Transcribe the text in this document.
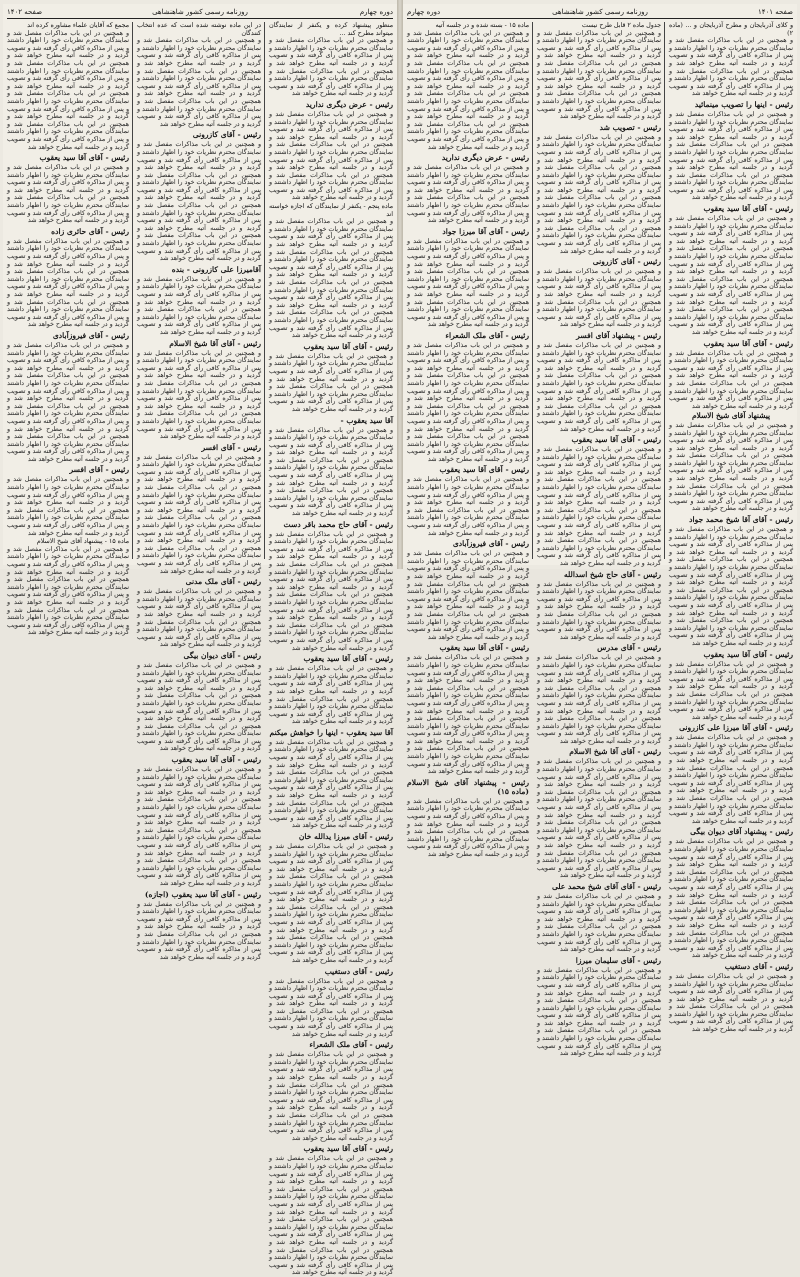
دوره چهارم
روزنامه رسمی کشور شاهنشاهی
صفحه ۱۴۰۲
منظور پیشنهاد کرده و یکنفر از نمایندگان میتواند مطرح کند ...

و همچنین در این باب مذاکرات مفصل شد و نمایندگان محترم نظریات خود را اظهار داشتند و پس از مذاکره کافی رأی گرفته شد و تصویب گردید و در جلسه آتیه مطرح خواهد شد و همچنین در این باب مذاکرات مفصل شد و نمایندگان محترم نظریات خود را اظهار داشتند و پس از مذاکره کافی رأی گرفته شد و تصویب گردید و در جلسه آتیه مطرح خواهد شد

رئیس - عرض دیگری ندارید

و همچنین در این باب مذاکرات مفصل شد و نمایندگان محترم نظریات خود را اظهار داشتند و پس از مذاکره کافی رأی گرفته شد و تصویب گردید و در جلسه آتیه مطرح خواهد شد و همچنین در این باب مذاکرات مفصل شد و نمایندگان محترم نظریات خود را اظهار داشتند و پس از مذاکره کافی رأی گرفته شد و تصویب گردید و در جلسه آتیه مطرح خواهد شد و همچنین در این باب مذاکرات مفصل شد و نمایندگان محترم نظریات خود را اظهار داشتند و پس از مذاکره کافی رأی گرفته شد و تصویب گردید و در جلسه آتیه مطرح خواهد شد

ماده پنجم - یکنفر از نمایندگان که اجازه خواسته اند

و همچنین در این باب مذاکرات مفصل شد و نمایندگان محترم نظریات خود را اظهار داشتند و پس از مذاکره کافی رأی گرفته شد و تصویب گردید و در جلسه آتیه مطرح خواهد شد و همچنین در این باب مذاکرات مفصل شد و نمایندگان محترم نظریات خود را اظهار داشتند و پس از مذاکره کافی رأی گرفته شد و تصویب گردید و در جلسه آتیه مطرح خواهد شد و همچنین در این باب مذاکرات مفصل شد و نمایندگان محترم نظریات خود را اظهار داشتند و پس از مذاکره کافی رأی گرفته شد و تصویب گردید و در جلسه آتیه مطرح خواهد شد و همچنین در این باب مذاکرات مفصل شد و نمایندگان محترم نظریات خود را اظهار داشتند و پس از مذاکره کافی رأی گرفته شد و تصویب گردید و در جلسه آتیه مطرح خواهد شد

رئیس - آقای آقا سید یعقوب

و همچنین در این باب مذاکرات مفصل شد و نمایندگان محترم نظریات خود را اظهار داشتند و پس از مذاکره کافی رأی گرفته شد و تصویب گردید و در جلسه آتیه مطرح خواهد شد و همچنین در این باب مذاکرات مفصل شد و نمایندگان محترم نظریات خود را اظهار داشتند و پس از مذاکره کافی رأی گرفته شد و تصویب گردید و در جلسه آتیه مطرح خواهد شد

آقا سید یعقوب -

و همچنین در این باب مذاکرات مفصل شد و نمایندگان محترم نظریات خود را اظهار داشتند و پس از مذاکره کافی رأی گرفته شد و تصویب گردید و در جلسه آتیه مطرح خواهد شد و همچنین در این باب مذاکرات مفصل شد و نمایندگان محترم نظریات خود را اظهار داشتند و پس از مذاکره کافی رأی گرفته شد و تصویب گردید و در جلسه آتیه مطرح خواهد شد و همچنین در این باب مذاکرات مفصل شد و نمایندگان محترم نظریات خود را اظهار داشتند و پس از مذاکره کافی رأی گرفته شد و تصویب گردید و در جلسه آتیه مطرح خواهد شد

رئیس - آقای حاج محمد باقر دست

و همچنین در این باب مذاکرات مفصل شد و نمایندگان محترم نظریات خود را اظهار داشتند و پس از مذاکره کافی رأی گرفته شد و تصویب گردید و در جلسه آتیه مطرح خواهد شد و همچنین در این باب مذاکرات مفصل شد و نمایندگان محترم نظریات خود را اظهار داشتند و پس از مذاکره کافی رأی گرفته شد و تصویب گردید و در جلسه آتیه مطرح خواهد شد و همچنین در این باب مذاکرات مفصل شد و نمایندگان محترم نظریات خود را اظهار داشتند و پس از مذاکره کافی رأی گرفته شد و تصویب گردید و در جلسه آتیه مطرح خواهد شد و همچنین در این باب مذاکرات مفصل شد و نمایندگان محترم نظریات خود را اظهار داشتند و پس از مذاکره کافی رأی گرفته شد و تصویب گردید و در جلسه آتیه مطرح خواهد شد

رئیس - آقای آقا سید یعقوب

و همچنین در این باب مذاکرات مفصل شد و نمایندگان محترم نظریات خود را اظهار داشتند و پس از مذاکره کافی رأی گرفته شد و تصویب گردید و در جلسه آتیه مطرح خواهد شد و همچنین در این باب مذاکرات مفصل شد و نمایندگان محترم نظریات خود را اظهار داشتند و پس از مذاکره کافی رأی گرفته شد و تصویب گردید و در جلسه آتیه مطرح خواهد شد

آقا سید یعقوب - اینها را خواهش میکنم

و همچنین در این باب مذاکرات مفصل شد و نمایندگان محترم نظریات خود را اظهار داشتند و پس از مذاکره کافی رأی گرفته شد و تصویب گردید و در جلسه آتیه مطرح خواهد شد و همچنین در این باب مذاکرات مفصل شد و نمایندگان محترم نظریات خود را اظهار داشتند و پس از مذاکره کافی رأی گرفته شد و تصویب گردید و در جلسه آتیه مطرح خواهد شد و همچنین در این باب مذاکرات مفصل شد و نمایندگان محترم نظریات خود را اظهار داشتند و پس از مذاکره کافی رأی گرفته شد و تصویب گردید و در جلسه آتیه مطرح خواهد شد

رئیس - آقای میرزا یدالله خان

و همچنین در این باب مذاکرات مفصل شد و نمایندگان محترم نظریات خود را اظهار داشتند و پس از مذاکره کافی رأی گرفته شد و تصویب گردید و در جلسه آتیه مطرح خواهد شد و همچنین در این باب مذاکرات مفصل شد و نمایندگان محترم نظریات خود را اظهار داشتند و پس از مذاکره کافی رأی گرفته شد و تصویب گردید و در جلسه آتیه مطرح خواهد شد و همچنین در این باب مذاکرات مفصل شد و نمایندگان محترم نظریات خود را اظهار داشتند و پس از مذاکره کافی رأی گرفته شد و تصویب گردید و در جلسه آتیه مطرح خواهد شد و همچنین در این باب مذاکرات مفصل شد و نمایندگان محترم نظریات خود را اظهار داشتند و پس از مذاکره کافی رأی گرفته شد و تصویب گردید و در جلسه آتیه مطرح خواهد شد

رئیس - آقای دستغیب

و همچنین در این باب مذاکرات مفصل شد و نمایندگان محترم نظریات خود را اظهار داشتند و پس از مذاکره کافی رأی گرفته شد و تصویب گردید و در جلسه آتیه مطرح خواهد شد و همچنین در این باب مذاکرات مفصل شد و نمایندگان محترم نظریات خود را اظهار داشتند و پس از مذاکره کافی رأی گرفته شد و تصویب گردید و در جلسه آتیه مطرح خواهد شد

رئیس - آقای ملک الشعراء

و همچنین در این باب مذاکرات مفصل شد و نمایندگان محترم نظریات خود را اظهار داشتند و پس از مذاکره کافی رأی گرفته شد و تصویب گردید و در جلسه آتیه مطرح خواهد شد و همچنین در این باب مذاکرات مفصل شد و نمایندگان محترم نظریات خود را اظهار داشتند و پس از مذاکره کافی رأی گرفته شد و تصویب گردید و در جلسه آتیه مطرح خواهد شد و همچنین در این باب مذاکرات مفصل شد و نمایندگان محترم نظریات خود را اظهار داشتند و پس از مذاکره کافی رأی گرفته شد و تصویب گردید و در جلسه آتیه مطرح خواهد شد

رئیس - آقای آقا سید یعقوب

و همچنین در این باب مذاکرات مفصل شد و نمایندگان محترم نظریات خود را اظهار داشتند و پس از مذاکره کافی رأی گرفته شد و تصویب گردید و در جلسه آتیه مطرح خواهد شد و همچنین در این باب مذاکرات مفصل شد و نمایندگان محترم نظریات خود را اظهار داشتند و پس از مذاکره کافی رأی گرفته شد و تصویب گردید و در جلسه آتیه مطرح خواهد شد و همچنین در این باب مذاکرات مفصل شد و نمایندگان محترم نظریات خود را اظهار داشتند و پس از مذاکره کافی رأی گرفته شد و تصویب گردید و در جلسه آتیه مطرح خواهد شد و همچنین در این باب مذاکرات مفصل شد و نمایندگان محترم نظریات خود را اظهار داشتند و پس از مذاکره کافی رأی گرفته شد و تصویب گردید و در جلسه آتیه مطرح خواهد شد

در این ماده نوشته شده است که عده انتخاب کنندگان

و همچنین در این باب مذاکرات مفصل شد و نمایندگان محترم نظریات خود را اظهار داشتند و پس از مذاکره کافی رأی گرفته شد و تصویب گردید و در جلسه آتیه مطرح خواهد شد و همچنین در این باب مذاکرات مفصل شد و نمایندگان محترم نظریات خود را اظهار داشتند و پس از مذاکره کافی رأی گرفته شد و تصویب گردید و در جلسه آتیه مطرح خواهد شد و همچنین در این باب مذاکرات مفصل شد و نمایندگان محترم نظریات خود را اظهار داشتند و پس از مذاکره کافی رأی گرفته شد و تصویب گردید و در جلسه آتیه مطرح خواهد شد

رئیس - آقای کازرونی

و همچنین در این باب مذاکرات مفصل شد و نمایندگان محترم نظریات خود را اظهار داشتند و پس از مذاکره کافی رأی گرفته شد و تصویب گردید و در جلسه آتیه مطرح خواهد شد و همچنین در این باب مذاکرات مفصل شد و نمایندگان محترم نظریات خود را اظهار داشتند و پس از مذاکره کافی رأی گرفته شد و تصویب گردید و در جلسه آتیه مطرح خواهد شد و همچنین در این باب مذاکرات مفصل شد و نمایندگان محترم نظریات خود را اظهار داشتند و پس از مذاکره کافی رأی گرفته شد و تصویب گردید و در جلسه آتیه مطرح خواهد شد و همچنین در این باب مذاکرات مفصل شد و نمایندگان محترم نظریات خود را اظهار داشتند و پس از مذاکره کافی رأی گرفته شد و تصویب گردید و در جلسه آتیه مطرح خواهد شد

آقامیرزا علی کازرونی - بنده

و همچنین در این باب مذاکرات مفصل شد و نمایندگان محترم نظریات خود را اظهار داشتند و پس از مذاکره کافی رأی گرفته شد و تصویب گردید و در جلسه آتیه مطرح خواهد شد و همچنین در این باب مذاکرات مفصل شد و نمایندگان محترم نظریات خود را اظهار داشتند و پس از مذاکره کافی رأی گرفته شد و تصویب گردید و در جلسه آتیه مطرح خواهد شد

رئیس - آقای آقا شیخ الاسلام

و همچنین در این باب مذاکرات مفصل شد و نمایندگان محترم نظریات خود را اظهار داشتند و پس از مذاکره کافی رأی گرفته شد و تصویب گردید و در جلسه آتیه مطرح خواهد شد و همچنین در این باب مذاکرات مفصل شد و نمایندگان محترم نظریات خود را اظهار داشتند و پس از مذاکره کافی رأی گرفته شد و تصویب گردید و در جلسه آتیه مطرح خواهد شد و همچنین در این باب مذاکرات مفصل شد و نمایندگان محترم نظریات خود را اظهار داشتند و پس از مذاکره کافی رأی گرفته شد و تصویب گردید و در جلسه آتیه مطرح خواهد شد

رئیس - آقای افسر

و همچنین در این باب مذاکرات مفصل شد و نمایندگان محترم نظریات خود را اظهار داشتند و پس از مذاکره کافی رأی گرفته شد و تصویب گردید و در جلسه آتیه مطرح خواهد شد و همچنین در این باب مذاکرات مفصل شد و نمایندگان محترم نظریات خود را اظهار داشتند و پس از مذاکره کافی رأی گرفته شد و تصویب گردید و در جلسه آتیه مطرح خواهد شد و همچنین در این باب مذاکرات مفصل شد و نمایندگان محترم نظریات خود را اظهار داشتند و پس از مذاکره کافی رأی گرفته شد و تصویب گردید و در جلسه آتیه مطرح خواهد شد و همچنین در این باب مذاکرات مفصل شد و نمایندگان محترم نظریات خود را اظهار داشتند و پس از مذاکره کافی رأی گرفته شد و تصویب گردید و در جلسه آتیه مطرح خواهد شد

رئیس - آقای ملک مدنی

و همچنین در این باب مذاکرات مفصل شد و نمایندگان محترم نظریات خود را اظهار داشتند و پس از مذاکره کافی رأی گرفته شد و تصویب گردید و در جلسه آتیه مطرح خواهد شد و همچنین در این باب مذاکرات مفصل شد و نمایندگان محترم نظریات خود را اظهار داشتند و پس از مذاکره کافی رأی گرفته شد و تصویب گردید و در جلسه آتیه مطرح خواهد شد

رئیس - آقای دیوان بیگی

و همچنین در این باب مذاکرات مفصل شد و نمایندگان محترم نظریات خود را اظهار داشتند و پس از مذاکره کافی رأی گرفته شد و تصویب گردید و در جلسه آتیه مطرح خواهد شد و همچنین در این باب مذاکرات مفصل شد و نمایندگان محترم نظریات خود را اظهار داشتند و پس از مذاکره کافی رأی گرفته شد و تصویب گردید و در جلسه آتیه مطرح خواهد شد و همچنین در این باب مذاکرات مفصل شد و نمایندگان محترم نظریات خود را اظهار داشتند و پس از مذاکره کافی رأی گرفته شد و تصویب گردید و در جلسه آتیه مطرح خواهد شد

رئیس - آقای آقا سید یعقوب

و همچنین در این باب مذاکرات مفصل شد و نمایندگان محترم نظریات خود را اظهار داشتند و پس از مذاکره کافی رأی گرفته شد و تصویب گردید و در جلسه آتیه مطرح خواهد شد و همچنین در این باب مذاکرات مفصل شد و نمایندگان محترم نظریات خود را اظهار داشتند و پس از مذاکره کافی رأی گرفته شد و تصویب گردید و در جلسه آتیه مطرح خواهد شد و همچنین در این باب مذاکرات مفصل شد و نمایندگان محترم نظریات خود را اظهار داشتند و پس از مذاکره کافی رأی گرفته شد و تصویب گردید و در جلسه آتیه مطرح خواهد شد و همچنین در این باب مذاکرات مفصل شد و نمایندگان محترم نظریات خود را اظهار داشتند و پس از مذاکره کافی رأی گرفته شد و تصویب گردید و در جلسه آتیه مطرح خواهد شد

رئیس - آقای آقا سید یعقوب (اجازه)

و همچنین در این باب مذاکرات مفصل شد و نمایندگان محترم نظریات خود را اظهار داشتند و پس از مذاکره کافی رأی گرفته شد و تصویب گردید و در جلسه آتیه مطرح خواهد شد و همچنین در این باب مذاکرات مفصل شد و نمایندگان محترم نظریات خود را اظهار داشتند و پس از مذاکره کافی رأی گرفته شد و تصویب گردید و در جلسه آتیه مطرح خواهد شد

مجمع که آقایان علماء مشاوره کرده اند

و همچنین در این باب مذاکرات مفصل شد و نمایندگان محترم نظریات خود را اظهار داشتند و پس از مذاکره کافی رأی گرفته شد و تصویب گردید و در جلسه آتیه مطرح خواهد شد و همچنین در این باب مذاکرات مفصل شد و نمایندگان محترم نظریات خود را اظهار داشتند و پس از مذاکره کافی رأی گرفته شد و تصویب گردید و در جلسه آتیه مطرح خواهد شد و همچنین در این باب مذاکرات مفصل شد و نمایندگان محترم نظریات خود را اظهار داشتند و پس از مذاکره کافی رأی گرفته شد و تصویب گردید و در جلسه آتیه مطرح خواهد شد و همچنین در این باب مذاکرات مفصل شد و نمایندگان محترم نظریات خود را اظهار داشتند و پس از مذاکره کافی رأی گرفته شد و تصویب گردید و در جلسه آتیه مطرح خواهد شد

رئیس - آقای آقا سید یعقوب

و همچنین در این باب مذاکرات مفصل شد و نمایندگان محترم نظریات خود را اظهار داشتند و پس از مذاکره کافی رأی گرفته شد و تصویب گردید و در جلسه آتیه مطرح خواهد شد و همچنین در این باب مذاکرات مفصل شد و نمایندگان محترم نظریات خود را اظهار داشتند و پس از مذاکره کافی رأی گرفته شد و تصویب گردید و در جلسه آتیه مطرح خواهد شد

رئیس - آقای حائری زاده

و همچنین در این باب مذاکرات مفصل شد و نمایندگان محترم نظریات خود را اظهار داشتند و پس از مذاکره کافی رأی گرفته شد و تصویب گردید و در جلسه آتیه مطرح خواهد شد و همچنین در این باب مذاکرات مفصل شد و نمایندگان محترم نظریات خود را اظهار داشتند و پس از مذاکره کافی رأی گرفته شد و تصویب گردید و در جلسه آتیه مطرح خواهد شد و همچنین در این باب مذاکرات مفصل شد و نمایندگان محترم نظریات خود را اظهار داشتند و پس از مذاکره کافی رأی گرفته شد و تصویب گردید و در جلسه آتیه مطرح خواهد شد

رئیس - آقای فیروزآبادی

و همچنین در این باب مذاکرات مفصل شد و نمایندگان محترم نظریات خود را اظهار داشتند و پس از مذاکره کافی رأی گرفته شد و تصویب گردید و در جلسه آتیه مطرح خواهد شد و همچنین در این باب مذاکرات مفصل شد و نمایندگان محترم نظریات خود را اظهار داشتند و پس از مذاکره کافی رأی گرفته شد و تصویب گردید و در جلسه آتیه مطرح خواهد شد و همچنین در این باب مذاکرات مفصل شد و نمایندگان محترم نظریات خود را اظهار داشتند و پس از مذاکره کافی رأی گرفته شد و تصویب گردید و در جلسه آتیه مطرح خواهد شد و همچنین در این باب مذاکرات مفصل شد و نمایندگان محترم نظریات خود را اظهار داشتند و پس از مذاکره کافی رأی گرفته شد و تصویب گردید و در جلسه آتیه مطرح خواهد شد

رئیس - آقای افسر

و همچنین در این باب مذاکرات مفصل شد و نمایندگان محترم نظریات خود را اظهار داشتند و پس از مذاکره کافی رأی گرفته شد و تصویب گردید و در جلسه آتیه مطرح خواهد شد و همچنین در این باب مذاکرات مفصل شد و نمایندگان محترم نظریات خود را اظهار داشتند و پس از مذاکره کافی رأی گرفته شد و تصویب گردید و در جلسه آتیه مطرح خواهد شد

ماده ۱۵ - پیشنهاد آقای شیخ الاسلام

و همچنین در این باب مذاکرات مفصل شد و نمایندگان محترم نظریات خود را اظهار داشتند و پس از مذاکره کافی رأی گرفته شد و تصویب گردید و در جلسه آتیه مطرح خواهد شد و همچنین در این باب مذاکرات مفصل شد و نمایندگان محترم نظریات خود را اظهار داشتند و پس از مذاکره کافی رأی گرفته شد و تصویب گردید و در جلسه آتیه مطرح خواهد شد و همچنین در این باب مذاکرات مفصل شد و نمایندگان محترم نظریات خود را اظهار داشتند و پس از مذاکره کافی رأی گرفته شد و تصویب گردید و در جلسه آتیه مطرح خواهد شد

صفحه ۱۴۰۱
روزنامه رسمی کشور شاهنشاهی
دوره چهارم
و کلای آذربایجان و مطرح آذربایجان و ... (ماده ۲)

و همچنین در این باب مذاکرات مفصل شد و نمایندگان محترم نظریات خود را اظهار داشتند و پس از مذاکره کافی رأی گرفته شد و تصویب گردید و در جلسه آتیه مطرح خواهد شد و همچنین در این باب مذاکرات مفصل شد و نمایندگان محترم نظریات خود را اظهار داشتند و پس از مذاکره کافی رأی گرفته شد و تصویب گردید و در جلسه آتیه مطرح خواهد شد

رئیس - اینها را تصویب مینمائید

و همچنین در این باب مذاکرات مفصل شد و نمایندگان محترم نظریات خود را اظهار داشتند و پس از مذاکره کافی رأی گرفته شد و تصویب گردید و در جلسه آتیه مطرح خواهد شد و همچنین در این باب مذاکرات مفصل شد و نمایندگان محترم نظریات خود را اظهار داشتند و پس از مذاکره کافی رأی گرفته شد و تصویب گردید و در جلسه آتیه مطرح خواهد شد و همچنین در این باب مذاکرات مفصل شد و نمایندگان محترم نظریات خود را اظهار داشتند و پس از مذاکره کافی رأی گرفته شد و تصویب گردید و در جلسه آتیه مطرح خواهد شد

رئیس - آقای آقا سید یعقوب

و همچنین در این باب مذاکرات مفصل شد و نمایندگان محترم نظریات خود را اظهار داشتند و پس از مذاکره کافی رأی گرفته شد و تصویب گردید و در جلسه آتیه مطرح خواهد شد و همچنین در این باب مذاکرات مفصل شد و نمایندگان محترم نظریات خود را اظهار داشتند و پس از مذاکره کافی رأی گرفته شد و تصویب گردید و در جلسه آتیه مطرح خواهد شد و همچنین در این باب مذاکرات مفصل شد و نمایندگان محترم نظریات خود را اظهار داشتند و پس از مذاکره کافی رأی گرفته شد و تصویب گردید و در جلسه آتیه مطرح خواهد شد و همچنین در این باب مذاکرات مفصل شد و نمایندگان محترم نظریات خود را اظهار داشتند و پس از مذاکره کافی رأی گرفته شد و تصویب گردید و در جلسه آتیه مطرح خواهد شد

رئیس - آقای آقا سید یعقوب

و همچنین در این باب مذاکرات مفصل شد و نمایندگان محترم نظریات خود را اظهار داشتند و پس از مذاکره کافی رأی گرفته شد و تصویب گردید و در جلسه آتیه مطرح خواهد شد و همچنین در این باب مذاکرات مفصل شد و نمایندگان محترم نظریات خود را اظهار داشتند و پس از مذاکره کافی رأی گرفته شد و تصویب گردید و در جلسه آتیه مطرح خواهد شد

پیشنهاد آقای شیخ الاسلام

و همچنین در این باب مذاکرات مفصل شد و نمایندگان محترم نظریات خود را اظهار داشتند و پس از مذاکره کافی رأی گرفته شد و تصویب گردید و در جلسه آتیه مطرح خواهد شد و همچنین در این باب مذاکرات مفصل شد و نمایندگان محترم نظریات خود را اظهار داشتند و پس از مذاکره کافی رأی گرفته شد و تصویب گردید و در جلسه آتیه مطرح خواهد شد و همچنین در این باب مذاکرات مفصل شد و نمایندگان محترم نظریات خود را اظهار داشتند و پس از مذاکره کافی رأی گرفته شد و تصویب گردید و در جلسه آتیه مطرح خواهد شد

رئیس - آقای آقا شیخ محمد جواد

و همچنین در این باب مذاکرات مفصل شد و نمایندگان محترم نظریات خود را اظهار داشتند و پس از مذاکره کافی رأی گرفته شد و تصویب گردید و در جلسه آتیه مطرح خواهد شد و همچنین در این باب مذاکرات مفصل شد و نمایندگان محترم نظریات خود را اظهار داشتند و پس از مذاکره کافی رأی گرفته شد و تصویب گردید و در جلسه آتیه مطرح خواهد شد و همچنین در این باب مذاکرات مفصل شد و نمایندگان محترم نظریات خود را اظهار داشتند و پس از مذاکره کافی رأی گرفته شد و تصویب گردید و در جلسه آتیه مطرح خواهد شد و همچنین در این باب مذاکرات مفصل شد و نمایندگان محترم نظریات خود را اظهار داشتند و پس از مذاکره کافی رأی گرفته شد و تصویب گردید و در جلسه آتیه مطرح خواهد شد

رئیس - آقای آقا سید یعقوب

و همچنین در این باب مذاکرات مفصل شد و نمایندگان محترم نظریات خود را اظهار داشتند و پس از مذاکره کافی رأی گرفته شد و تصویب گردید و در جلسه آتیه مطرح خواهد شد و همچنین در این باب مذاکرات مفصل شد و نمایندگان محترم نظریات خود را اظهار داشتند و پس از مذاکره کافی رأی گرفته شد و تصویب گردید و در جلسه آتیه مطرح خواهد شد

رئیس - آقای آقا میرزا علی کازرونی

و همچنین در این باب مذاکرات مفصل شد و نمایندگان محترم نظریات خود را اظهار داشتند و پس از مذاکره کافی رأی گرفته شد و تصویب گردید و در جلسه آتیه مطرح خواهد شد و همچنین در این باب مذاکرات مفصل شد و نمایندگان محترم نظریات خود را اظهار داشتند و پس از مذاکره کافی رأی گرفته شد و تصویب گردید و در جلسه آتیه مطرح خواهد شد و همچنین در این باب مذاکرات مفصل شد و نمایندگان محترم نظریات خود را اظهار داشتند و پس از مذاکره کافی رأی گرفته شد و تصویب گردید و در جلسه آتیه مطرح خواهد شد

رئیس - پیشنهاد آقای دیوان بیگی

و همچنین در این باب مذاکرات مفصل شد و نمایندگان محترم نظریات خود را اظهار داشتند و پس از مذاکره کافی رأی گرفته شد و تصویب گردید و در جلسه آتیه مطرح خواهد شد و همچنین در این باب مذاکرات مفصل شد و نمایندگان محترم نظریات خود را اظهار داشتند و پس از مذاکره کافی رأی گرفته شد و تصویب گردید و در جلسه آتیه مطرح خواهد شد و همچنین در این باب مذاکرات مفصل شد و نمایندگان محترم نظریات خود را اظهار داشتند و پس از مذاکره کافی رأی گرفته شد و تصویب گردید و در جلسه آتیه مطرح خواهد شد و همچنین در این باب مذاکرات مفصل شد و نمایندگان محترم نظریات خود را اظهار داشتند و پس از مذاکره کافی رأی گرفته شد و تصویب گردید و در جلسه آتیه مطرح خواهد شد

رئیس - آقای دستغیب

و همچنین در این باب مذاکرات مفصل شد و نمایندگان محترم نظریات خود را اظهار داشتند و پس از مذاکره کافی رأی گرفته شد و تصویب گردید و در جلسه آتیه مطرح خواهد شد و همچنین در این باب مذاکرات مفصل شد و نمایندگان محترم نظریات خود را اظهار داشتند و پس از مذاکره کافی رأی گرفته شد و تصویب گردید و در جلسه آتیه مطرح خواهد شد

جدول ماده ۲ قابل طرح نیست

و همچنین در این باب مذاکرات مفصل شد و نمایندگان محترم نظریات خود را اظهار داشتند و پس از مذاکره کافی رأی گرفته شد و تصویب گردید و در جلسه آتیه مطرح خواهد شد و همچنین در این باب مذاکرات مفصل شد و نمایندگان محترم نظریات خود را اظهار داشتند و پس از مذاکره کافی رأی گرفته شد و تصویب گردید و در جلسه آتیه مطرح خواهد شد و همچنین در این باب مذاکرات مفصل شد و نمایندگان محترم نظریات خود را اظهار داشتند و پس از مذاکره کافی رأی گرفته شد و تصویب گردید و در جلسه آتیه مطرح خواهد شد

رئیس - تصویب شد

و همچنین در این باب مذاکرات مفصل شد و نمایندگان محترم نظریات خود را اظهار داشتند و پس از مذاکره کافی رأی گرفته شد و تصویب گردید و در جلسه آتیه مطرح خواهد شد و همچنین در این باب مذاکرات مفصل شد و نمایندگان محترم نظریات خود را اظهار داشتند و پس از مذاکره کافی رأی گرفته شد و تصویب گردید و در جلسه آتیه مطرح خواهد شد و همچنین در این باب مذاکرات مفصل شد و نمایندگان محترم نظریات خود را اظهار داشتند و پس از مذاکره کافی رأی گرفته شد و تصویب گردید و در جلسه آتیه مطرح خواهد شد و همچنین در این باب مذاکرات مفصل شد و نمایندگان محترم نظریات خود را اظهار داشتند و پس از مذاکره کافی رأی گرفته شد و تصویب گردید و در جلسه آتیه مطرح خواهد شد

رئیس - آقای کازرونی

و همچنین در این باب مذاکرات مفصل شد و نمایندگان محترم نظریات خود را اظهار داشتند و پس از مذاکره کافی رأی گرفته شد و تصویب گردید و در جلسه آتیه مطرح خواهد شد و همچنین در این باب مذاکرات مفصل شد و نمایندگان محترم نظریات خود را اظهار داشتند و پس از مذاکره کافی رأی گرفته شد و تصویب گردید و در جلسه آتیه مطرح خواهد شد

رئیس - پیشنهاد آقای افسر

و همچنین در این باب مذاکرات مفصل شد و نمایندگان محترم نظریات خود را اظهار داشتند و پس از مذاکره کافی رأی گرفته شد و تصویب گردید و در جلسه آتیه مطرح خواهد شد و همچنین در این باب مذاکرات مفصل شد و نمایندگان محترم نظریات خود را اظهار داشتند و پس از مذاکره کافی رأی گرفته شد و تصویب گردید و در جلسه آتیه مطرح خواهد شد و همچنین در این باب مذاکرات مفصل شد و نمایندگان محترم نظریات خود را اظهار داشتند و پس از مذاکره کافی رأی گرفته شد و تصویب گردید و در جلسه آتیه مطرح خواهد شد

رئیس - آقای آقا سید یعقوب

و همچنین در این باب مذاکرات مفصل شد و نمایندگان محترم نظریات خود را اظهار داشتند و پس از مذاکره کافی رأی گرفته شد و تصویب گردید و در جلسه آتیه مطرح خواهد شد و همچنین در این باب مذاکرات مفصل شد و نمایندگان محترم نظریات خود را اظهار داشتند و پس از مذاکره کافی رأی گرفته شد و تصویب گردید و در جلسه آتیه مطرح خواهد شد و همچنین در این باب مذاکرات مفصل شد و نمایندگان محترم نظریات خود را اظهار داشتند و پس از مذاکره کافی رأی گرفته شد و تصویب گردید و در جلسه آتیه مطرح خواهد شد و همچنین در این باب مذاکرات مفصل شد و نمایندگان محترم نظریات خود را اظهار داشتند و پس از مذاکره کافی رأی گرفته شد و تصویب گردید و در جلسه آتیه مطرح خواهد شد

رئیس - آقای حاج شیخ اسدالله

و همچنین در این باب مذاکرات مفصل شد و نمایندگان محترم نظریات خود را اظهار داشتند و پس از مذاکره کافی رأی گرفته شد و تصویب گردید و در جلسه آتیه مطرح خواهد شد و همچنین در این باب مذاکرات مفصل شد و نمایندگان محترم نظریات خود را اظهار داشتند و پس از مذاکره کافی رأی گرفته شد و تصویب گردید و در جلسه آتیه مطرح خواهد شد

رئیس - آقای مدرس

و همچنین در این باب مذاکرات مفصل شد و نمایندگان محترم نظریات خود را اظهار داشتند و پس از مذاکره کافی رأی گرفته شد و تصویب گردید و در جلسه آتیه مطرح خواهد شد و همچنین در این باب مذاکرات مفصل شد و نمایندگان محترم نظریات خود را اظهار داشتند و پس از مذاکره کافی رأی گرفته شد و تصویب گردید و در جلسه آتیه مطرح خواهد شد و همچنین در این باب مذاکرات مفصل شد و نمایندگان محترم نظریات خود را اظهار داشتند و پس از مذاکره کافی رأی گرفته شد و تصویب گردید و در جلسه آتیه مطرح خواهد شد

رئیس - آقای آقا شیخ الاسلام

و همچنین در این باب مذاکرات مفصل شد و نمایندگان محترم نظریات خود را اظهار داشتند و پس از مذاکره کافی رأی گرفته شد و تصویب گردید و در جلسه آتیه مطرح خواهد شد و همچنین در این باب مذاکرات مفصل شد و نمایندگان محترم نظریات خود را اظهار داشتند و پس از مذاکره کافی رأی گرفته شد و تصویب گردید و در جلسه آتیه مطرح خواهد شد و همچنین در این باب مذاکرات مفصل شد و نمایندگان محترم نظریات خود را اظهار داشتند و پس از مذاکره کافی رأی گرفته شد و تصویب گردید و در جلسه آتیه مطرح خواهد شد و همچنین در این باب مذاکرات مفصل شد و نمایندگان محترم نظریات خود را اظهار داشتند و پس از مذاکره کافی رأی گرفته شد و تصویب گردید و در جلسه آتیه مطرح خواهد شد

رئیس - آقای آقای شیخ محمد علی

و همچنین در این باب مذاکرات مفصل شد و نمایندگان محترم نظریات خود را اظهار داشتند و پس از مذاکره کافی رأی گرفته شد و تصویب گردید و در جلسه آتیه مطرح خواهد شد و همچنین در این باب مذاکرات مفصل شد و نمایندگان محترم نظریات خود را اظهار داشتند و پس از مذاکره کافی رأی گرفته شد و تصویب گردید و در جلسه آتیه مطرح خواهد شد

رئیس - آقای سلیمان میرزا

و همچنین در این باب مذاکرات مفصل شد و نمایندگان محترم نظریات خود را اظهار داشتند و پس از مذاکره کافی رأی گرفته شد و تصویب گردید و در جلسه آتیه مطرح خواهد شد و همچنین در این باب مذاکرات مفصل شد و نمایندگان محترم نظریات خود را اظهار داشتند و پس از مذاکره کافی رأی گرفته شد و تصویب گردید و در جلسه آتیه مطرح خواهد شد و همچنین در این باب مذاکرات مفصل شد و نمایندگان محترم نظریات خود را اظهار داشتند و پس از مذاکره کافی رأی گرفته شد و تصویب گردید و در جلسه آتیه مطرح خواهد شد

ماده ۱۵ - بسته شده و در جلسه آتیه

و همچنین در این باب مذاکرات مفصل شد و نمایندگان محترم نظریات خود را اظهار داشتند و پس از مذاکره کافی رأی گرفته شد و تصویب گردید و در جلسه آتیه مطرح خواهد شد و همچنین در این باب مذاکرات مفصل شد و نمایندگان محترم نظریات خود را اظهار داشتند و پس از مذاکره کافی رأی گرفته شد و تصویب گردید و در جلسه آتیه مطرح خواهد شد و همچنین در این باب مذاکرات مفصل شد و نمایندگان محترم نظریات خود را اظهار داشتند و پس از مذاکره کافی رأی گرفته شد و تصویب گردید و در جلسه آتیه مطرح خواهد شد و همچنین در این باب مذاکرات مفصل شد و نمایندگان محترم نظریات خود را اظهار داشتند و پس از مذاکره کافی رأی گرفته شد و تصویب گردید و در جلسه آتیه مطرح خواهد شد

رئیس - عرض دیگری ندارید

و همچنین در این باب مذاکرات مفصل شد و نمایندگان محترم نظریات خود را اظهار داشتند و پس از مذاکره کافی رأی گرفته شد و تصویب گردید و در جلسه آتیه مطرح خواهد شد و همچنین در این باب مذاکرات مفصل شد و نمایندگان محترم نظریات خود را اظهار داشتند و پس از مذاکره کافی رأی گرفته شد و تصویب گردید و در جلسه آتیه مطرح خواهد شد

رئیس - آقای آقا میرزا جواد

و همچنین در این باب مذاکرات مفصل شد و نمایندگان محترم نظریات خود را اظهار داشتند و پس از مذاکره کافی رأی گرفته شد و تصویب گردید و در جلسه آتیه مطرح خواهد شد و همچنین در این باب مذاکرات مفصل شد و نمایندگان محترم نظریات خود را اظهار داشتند و پس از مذاکره کافی رأی گرفته شد و تصویب گردید و در جلسه آتیه مطرح خواهد شد و همچنین در این باب مذاکرات مفصل شد و نمایندگان محترم نظریات خود را اظهار داشتند و پس از مذاکره کافی رأی گرفته شد و تصویب گردید و در جلسه آتیه مطرح خواهد شد

رئیس - آقای ملک الشعراء

و همچنین در این باب مذاکرات مفصل شد و نمایندگان محترم نظریات خود را اظهار داشتند و پس از مذاکره کافی رأی گرفته شد و تصویب گردید و در جلسه آتیه مطرح خواهد شد و همچنین در این باب مذاکرات مفصل شد و نمایندگان محترم نظریات خود را اظهار داشتند و پس از مذاکره کافی رأی گرفته شد و تصویب گردید و در جلسه آتیه مطرح خواهد شد و همچنین در این باب مذاکرات مفصل شد و نمایندگان محترم نظریات خود را اظهار داشتند و پس از مذاکره کافی رأی گرفته شد و تصویب گردید و در جلسه آتیه مطرح خواهد شد و همچنین در این باب مذاکرات مفصل شد و نمایندگان محترم نظریات خود را اظهار داشتند و پس از مذاکره کافی رأی گرفته شد و تصویب گردید و در جلسه آتیه مطرح خواهد شد

رئیس - آقای آقا سید یعقوب

و همچنین در این باب مذاکرات مفصل شد و نمایندگان محترم نظریات خود را اظهار داشتند و پس از مذاکره کافی رأی گرفته شد و تصویب گردید و در جلسه آتیه مطرح خواهد شد و همچنین در این باب مذاکرات مفصل شد و نمایندگان محترم نظریات خود را اظهار داشتند و پس از مذاکره کافی رأی گرفته شد و تصویب گردید و در جلسه آتیه مطرح خواهد شد

رئیس - آقای فیروزآبادی

و همچنین در این باب مذاکرات مفصل شد و نمایندگان محترم نظریات خود را اظهار داشتند و پس از مذاکره کافی رأی گرفته شد و تصویب گردید و در جلسه آتیه مطرح خواهد شد و همچنین در این باب مذاکرات مفصل شد و نمایندگان محترم نظریات خود را اظهار داشتند و پس از مذاکره کافی رأی گرفته شد و تصویب گردید و در جلسه آتیه مطرح خواهد شد و همچنین در این باب مذاکرات مفصل شد و نمایندگان محترم نظریات خود را اظهار داشتند و پس از مذاکره کافی رأی گرفته شد و تصویب گردید و در جلسه آتیه مطرح خواهد شد

رئیس - آقای آقا سید یعقوب

و همچنین در این باب مذاکرات مفصل شد و نمایندگان محترم نظریات خود را اظهار داشتند و پس از مذاکره کافی رأی گرفته شد و تصویب گردید و در جلسه آتیه مطرح خواهد شد و همچنین در این باب مذاکرات مفصل شد و نمایندگان محترم نظریات خود را اظهار داشتند و پس از مذاکره کافی رأی گرفته شد و تصویب گردید و در جلسه آتیه مطرح خواهد شد و همچنین در این باب مذاکرات مفصل شد و نمایندگان محترم نظریات خود را اظهار داشتند و پس از مذاکره کافی رأی گرفته شد و تصویب گردید و در جلسه آتیه مطرح خواهد شد و همچنین در این باب مذاکرات مفصل شد و نمایندگان محترم نظریات خود را اظهار داشتند و پس از مذاکره کافی رأی گرفته شد و تصویب گردید و در جلسه آتیه مطرح خواهد شد

رئیس - پیشنهاد آقای شیخ الاسلام (ماده ۱۵)

و همچنین در این باب مذاکرات مفصل شد و نمایندگان محترم نظریات خود را اظهار داشتند و پس از مذاکره کافی رأی گرفته شد و تصویب گردید و در جلسه آتیه مطرح خواهد شد و همچنین در این باب مذاکرات مفصل شد و نمایندگان محترم نظریات خود را اظهار داشتند و پس از مذاکره کافی رأی گرفته شد و تصویب گردید و در جلسه آتیه مطرح خواهد شد
